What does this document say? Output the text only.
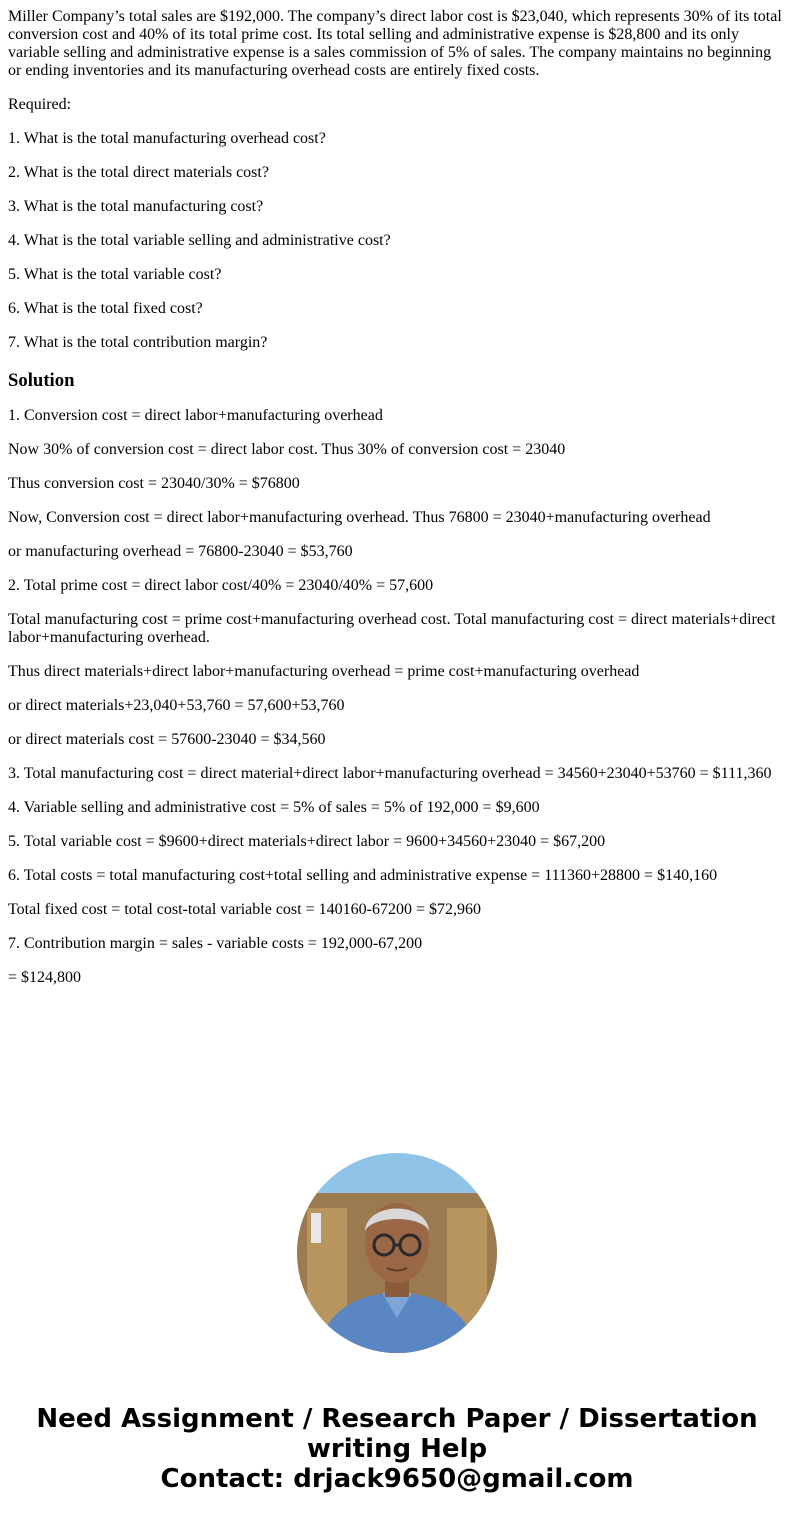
Miller Company’s total sales are $192,000. The company’s direct labor cost is $23,040, which represents 30% of its total conversion cost and 40% of its total prime cost. Its total selling and administrative expense is $28,800 and its only variable selling and administrative expense is a sales commission of 5% of sales. The company maintains no beginning or ending inventories and its manufacturing overhead costs are entirely fixed costs.

Required:

1. What is the total manufacturing overhead cost?

2. What is the total direct materials cost?

3. What is the total manufacturing cost?

4. What is the total variable selling and administrative cost?

5. What is the total variable cost?

6. What is the total fixed cost?

7. What is the total contribution margin?

Solution

1. Conversion cost = direct labor+manufacturing overhead

Now 30% of conversion cost = direct labor cost. Thus 30% of conversion cost = 23040

Thus conversion cost = 23040/30% = $76800

Now, Conversion cost = direct labor+manufacturing overhead. Thus 76800 = 23040+manufacturing overhead

or manufacturing overhead = 76800-23040 = $53,760

2. Total prime cost = direct labor cost/40% = 23040/40% = 57,600

Total manufacturing cost = prime cost+manufacturing overhead cost. Total manufacturing cost = direct materials+direct labor+manufacturing overhead.

Thus direct materials+direct labor+manufacturing overhead = prime cost+manufacturing overhead

or direct materials+23,040+53,760 = 57,600+53,760

or direct materials cost = 57600-23040 = $34,560

3. Total manufacturing cost = direct material+direct labor+manufacturing overhead = 34560+23040+53760 = $111,360

4. Variable selling and administrative cost = 5% of sales = 5% of 192,000 = $9,600

5. Total variable cost = $9600+direct materials+direct labor = 9600+34560+23040 = $67,200

6. Total costs = total manufacturing cost+total selling and administrative expense = 111360+28800 = $140,160

Total fixed cost = total cost-total variable cost = 140160-67200 = $72,960

7. Contribution margin = sales - variable costs = 192,000-67,200

= $124,800

Need Assignment / Research Paper / Dissertation
writing Help
Contact: drjack9650@gmail.com
